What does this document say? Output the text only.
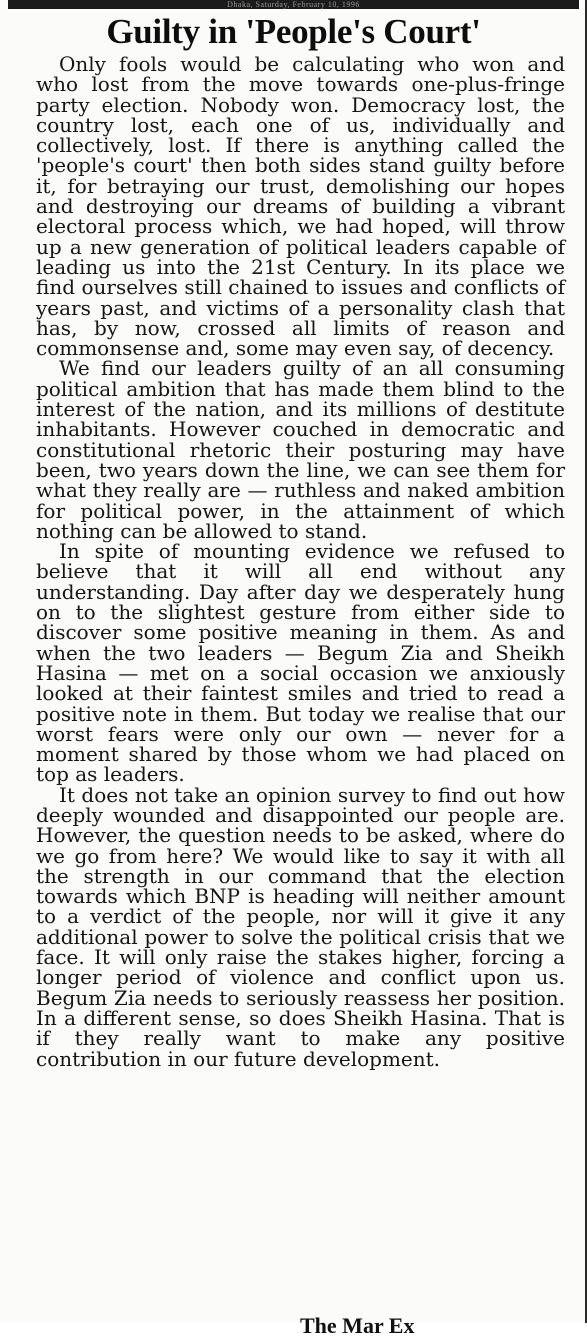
Dhaka, Saturday, February 10, 1996
Guilty in 'People's Court'

Only fools would be calculating who won and who lost from the move towards one-plus-fringe party election. Nobody won. Democracy lost, the country lost, each one of us, individually and collectively, lost. If there is anything called the 'people's court' then both sides stand guilty before it, for betraying our trust, demolishing our hopes and destroying our dreams of building a vibrant electoral process which, we had hoped, will throw up a new generation of political leaders capable of leading us into the 21st Century. In its place we find ourselves still chained to issues and conflicts of years past, and victims of a personality clash that has, by now, crossed all limits of reason and commonsense and, some may even say, of decency.

We find our leaders guilty of an all consuming political ambition that has made them blind to the interest of the nation, and its millions of destitute inhabitants. However couched in democratic and constitutional rhetoric their posturing may have been, two years down the line, we can see them for what they really are — ruthless and naked ambition for political power, in the attainment of which nothing can be allowed to stand.

In spite of mounting evidence we refused to believe that it will all end without any understanding. Day after day we desperately hung on to the slightest gesture from either side to discover some positive meaning in them. As and when the two leaders — Begum Zia and Sheikh Hasina — met on a social occasion we anxiously looked at their faintest smiles and tried to read a positive note in them. But today we realise that our worst fears were only our own — never for a moment shared by those whom we had placed on top as leaders.

It does not take an opinion survey to find out how deeply wounded and disappointed our people are. However, the question needs to be asked, where do we go from here? We would like to say it with all the strength in our command that the election towards which BNP is heading will neither amount to a verdict of the people, nor will it give it any additional power to solve the political crisis that we face. It will only raise the stakes higher, forcing a longer period of violence and conflict upon us. Begum Zia needs to seriously reassess her position. In a different sense, so does Sheikh Hasina. That is if they really want to make any positive contribution in our future development.

The Mar Ex
